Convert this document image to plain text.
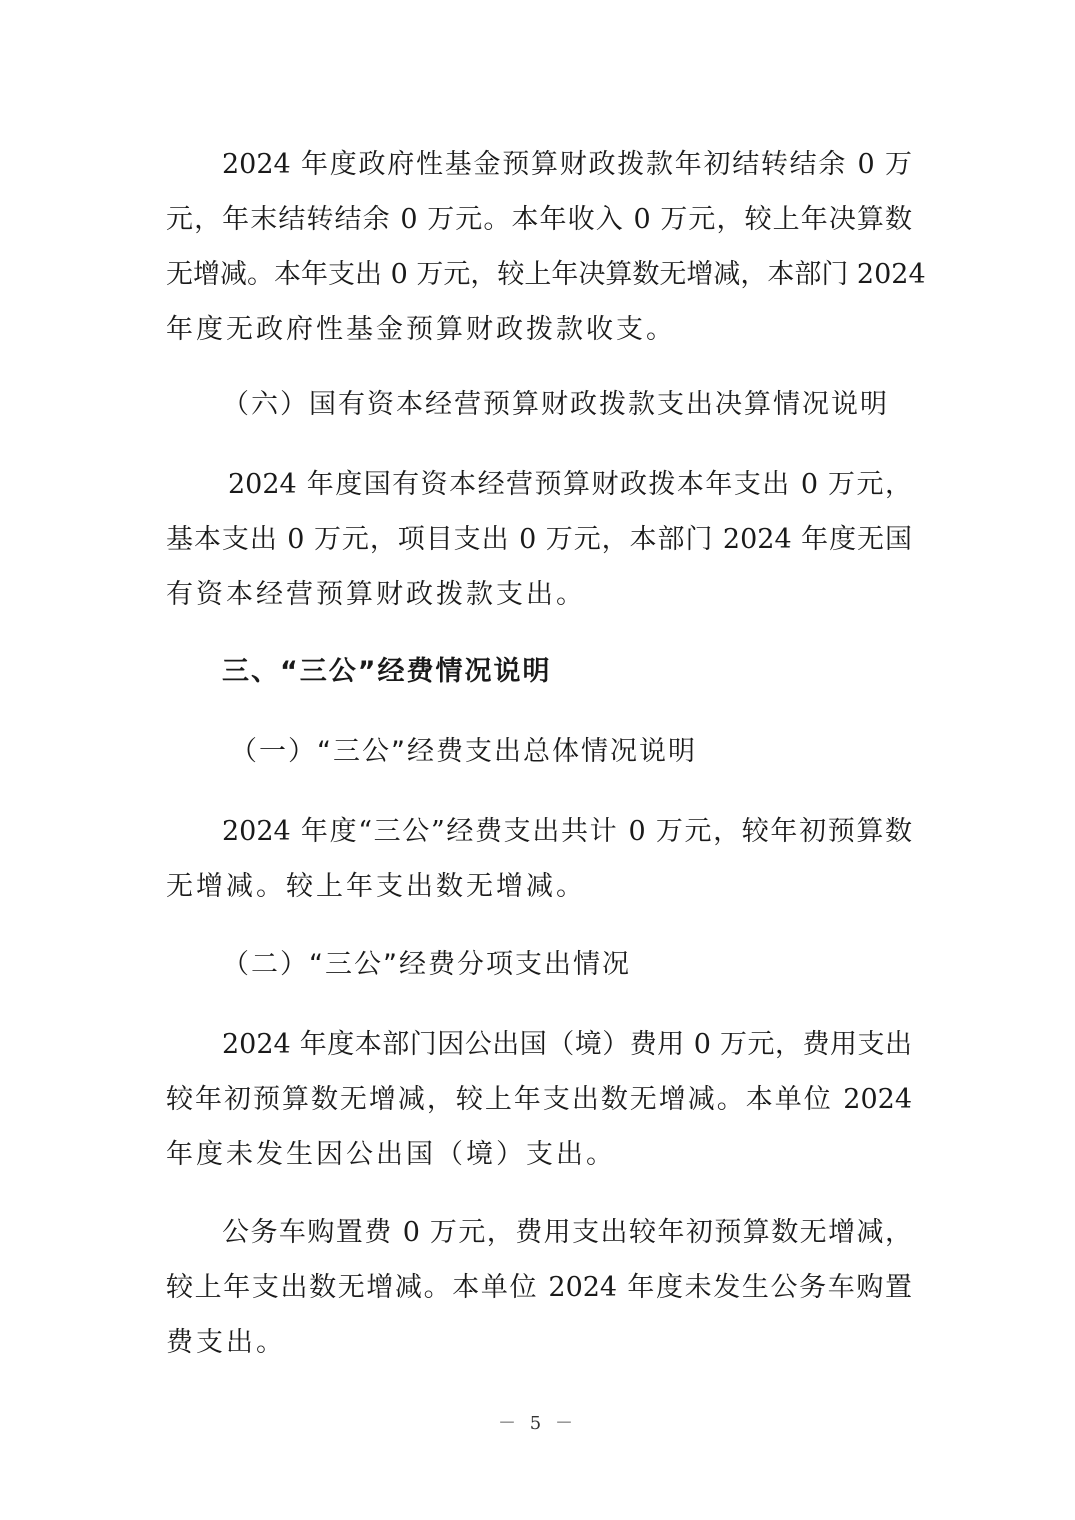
2024 年度政府性基金预算财政拨款年初结转结余 0 万
元，年末结转结余 0 万元。本年收入 0 万元，较上年决算数
无增减。本年支出 0 万元，较上年决算数无增减，本部门 2024
年度无政府性基金预算财政拨款收支。
（六）国有资本经营预算财政拨款支出决算情况说明
2024 年度国有资本经营预算财政拨本年支出 0 万元，
基本支出 0 万元，项目支出 0 万元，本部门 2024 年度无国
有资本经营预算财政拨款支出。
三、“三公”经费情况说明
（一）“三公”经费支出总体情况说明
2024 年度“三公”经费支出共计 0 万元，较年初预算数
无增减。较上年支出数无增减。
（二）“三公”经费分项支出情况
2024 年度本部门因公出国（境）费用 0 万元，费用支出
较年初预算数无增减，较上年支出数无增减。本单位 2024
年度未发生因公出国（境）支出。
公务车购置费 0 万元，费用支出较年初预算数无增减，
较上年支出数无增减。本单位 2024 年度未发生公务车购置
费支出。
－ 5 －
